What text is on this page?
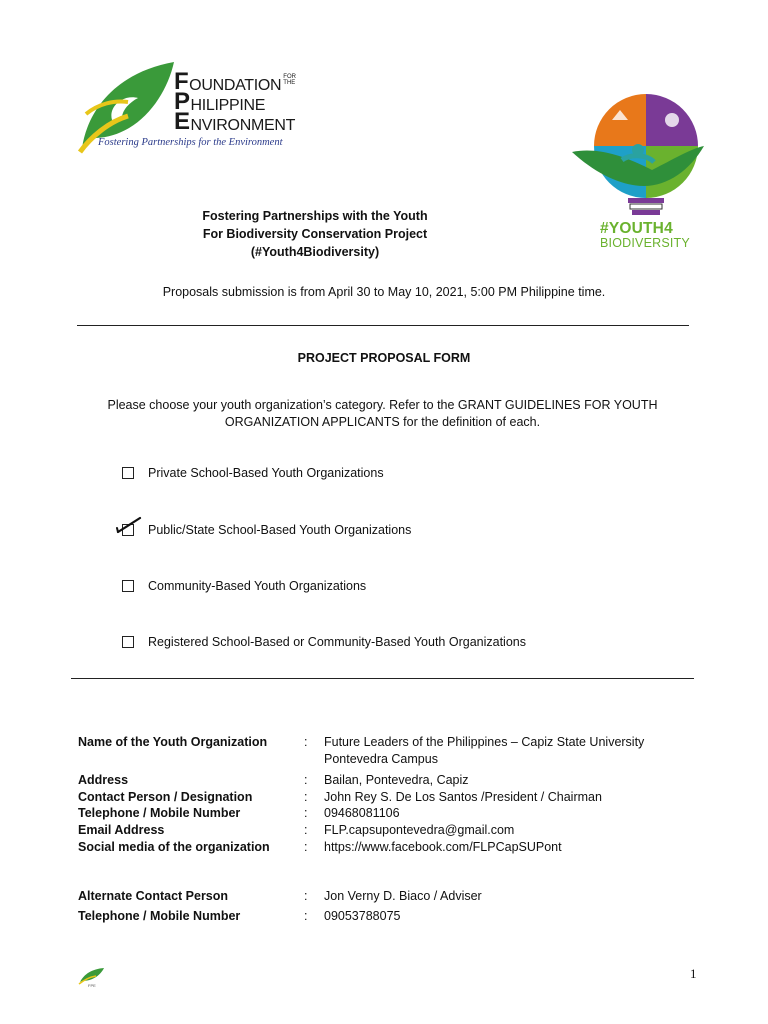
F OUNDATION FOR
THE
P HILIPPINE
E NVIRONMENT
Fostering Partnerships for the Environment
#YOUTH4
BIODIVERSITY
Fostering Partnerships with the Youth
For Biodiversity Conservation Project
(#Youth4Biodiversity)
Proposals submission is from April 30 to May 10, 2021, 5:00 PM Philippine time.
PROJECT PROPOSAL FORM
Please choose your youth organization’s category. Refer to the GRANT GUIDELINES FOR YOUTH ORGANIZATION APPLICANTS for the definition of each.
Private School-Based Youth Organizations
Public/State School-Based Youth Organizations
Community-Based Youth Organizations
Registered School-Based or Community-Based Youth Organizations
Name of the Youth Organization	: Future Leaders of the Philippines – Capiz State University Pontevedra Campus
Address	: Bailan, Pontevedra, Capiz
Contact Person / Designation	: John Rey S. De Los Santos /President / Chairman
Telephone / Mobile Number	: 09468081106
Email Address	: FLP.capsupontevedra@gmail.com
Social media of the organization	: https://www.facebook.com/FLPCapSUPont
Alternate Contact Person	: Jon Verny D. Biaco / Adviser
Telephone / Mobile Number	: 09053788075
FPE
1
